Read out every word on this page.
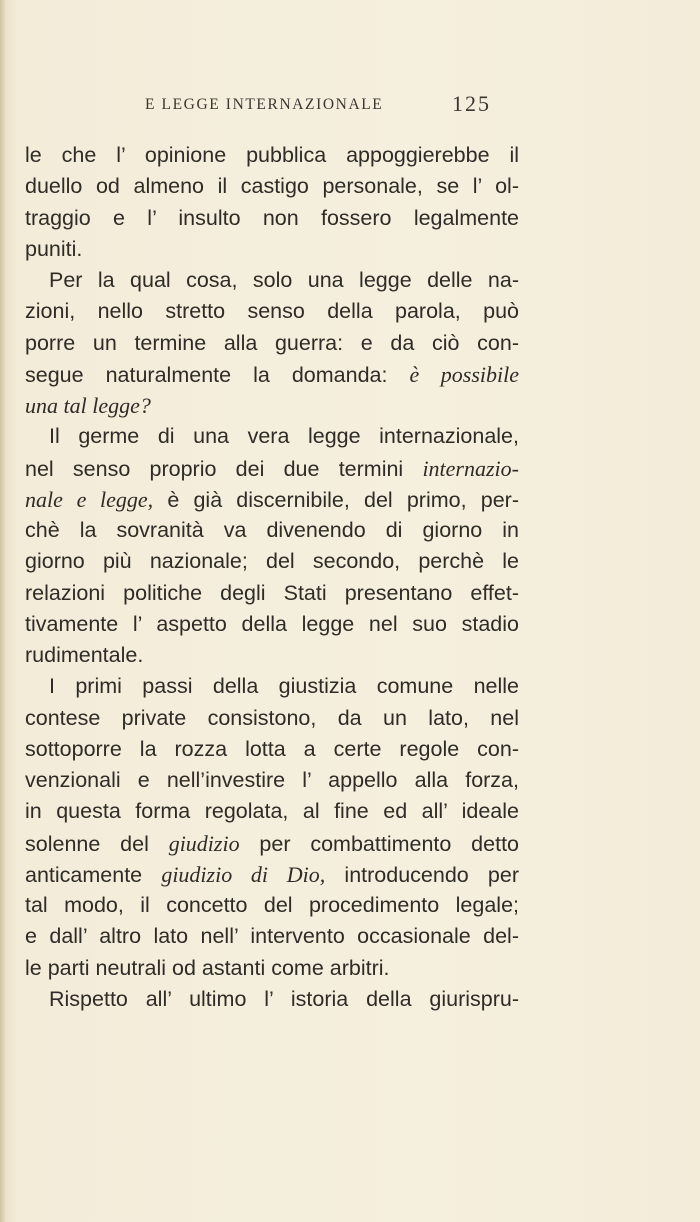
E LEGGE INTERNAZIONALE	125
le che l’ opinione pubblica appoggierebbe il
duello od almeno il castigo personale, se l’ ol-
traggio e l’ insulto non fossero legalmente
puniti.
Per la qual cosa, solo una legge delle na-
zioni, nello stretto senso della parola, può
porre un termine alla guerra: e da ciò con-
segue naturalmente la domanda: è possibile
una tal legge?
Il germe di una vera legge internazionale,
nel senso proprio dei due termini internazio-
nale e legge, è già discernibile, del primo, per-
chè la sovranità va divenendo di giorno in
giorno più nazionale; del secondo, perchè le
relazioni politiche degli Stati presentano effet-
tivamente l’ aspetto della legge nel suo stadio
rudimentale.
I primi passi della giustizia comune nelle
contese private consistono, da un lato, nel
sottoporre la rozza lotta a certe regole con-
venzionali e nell’investire l’ appello alla forza,
in questa forma regolata, al fine ed all’ ideale
solenne del giudizio per combattimento detto
anticamente giudizio di Dio, introducendo per
tal modo, il concetto del procedimento legale;
e dall’ altro lato nell’ intervento occasionale del-
le parti neutrali od astanti come arbitri.
Rispetto all’ ultimo l’ istoria della giurispru-
